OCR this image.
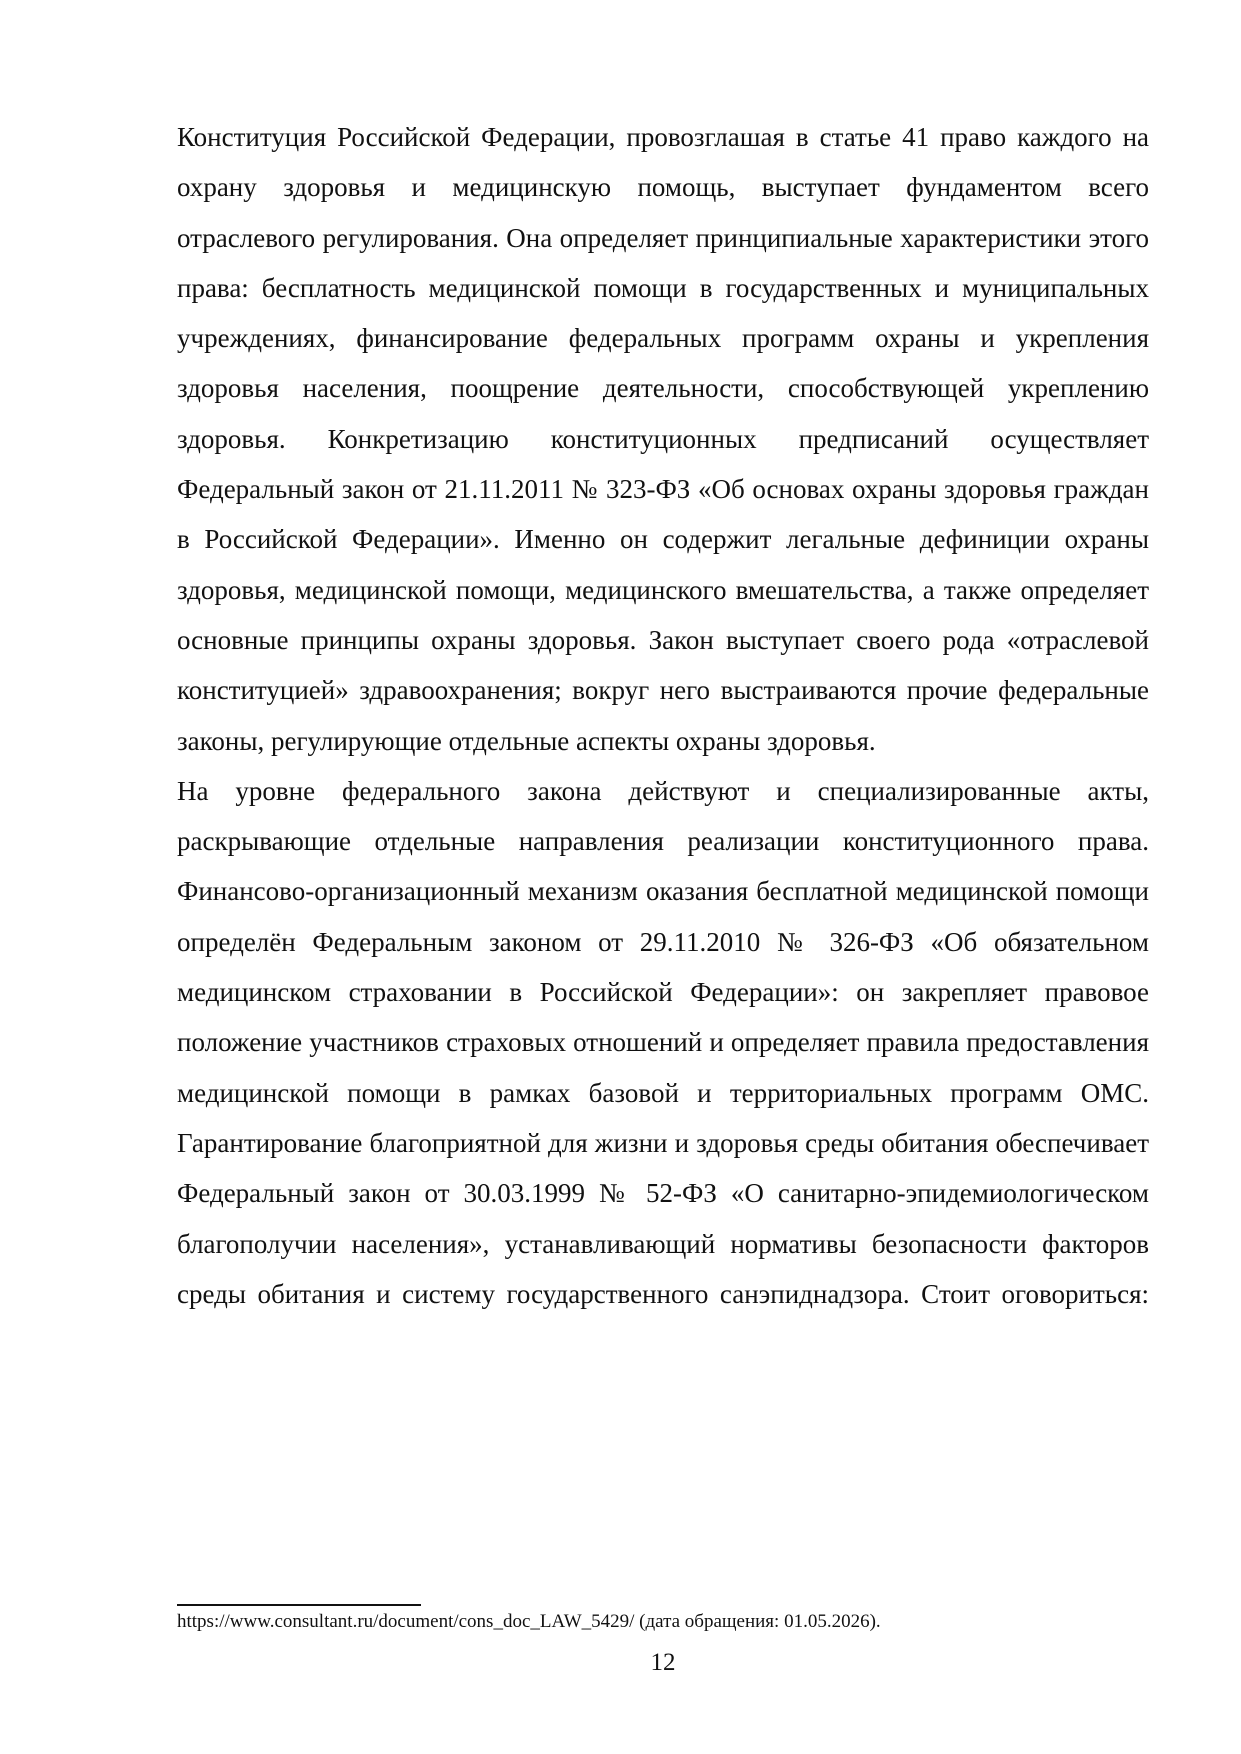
Конституция Российской Федерации, провозглашая в статье 41 право каждого на охрану здоровья и медицинскую помощь, выступает фундаментом всего отраслевого регулирования. Она определяет принципиальные характеристики этого права: бесплатность медицинской помощи в государственных и муниципальных учреждениях, финансирование федеральных программ охраны и укрепления здоровья населения, поощрение деятельности, способствующей укреплению здоровья. Конкретизацию конституционных предписаний осуществляет Федеральный закон от 21.11.2011 № 323-ФЗ «Об основах охраны здоровья граждан в Российской Федерации». Именно он содержит легальные дефиниции охраны здоровья, медицинской помощи, медицинского вмешательства, а также определяет основные принципы охраны здоровья. Закон выступает своего рода «отраслевой конституцией» здравоохранения; вокруг него выстраиваются прочие федеральные законы, регулирующие отдельные аспекты охраны здоровья.

На уровне федерального закона действуют и специализированные акты, раскрывающие отдельные направления реализации конституционного права. Финансово-организационный механизм оказания бесплатной медицинской помощи определён Федеральным законом от 29.11.2010 № 326-ФЗ «Об обязательном медицинском страховании в Российской Федерации»: он закрепляет правовое положение участников страховых отношений и определяет правила предоставления медицинской помощи в рамках базовой и территориальных программ ОМС. Гарантирование благоприятной для жизни и здоровья среды обитания обеспечивает Федеральный закон от 30.03.1999 № 52-ФЗ «О санитарно-эпидемиологическом благополучии населения», устанавливающий нормативы безопасности факторов среды обитания и систему государственного санэпиднадзора. Стоит оговориться:

https://www.consultant.ru/document/cons_doc_LAW_5429/ (дата обращения: 01.05.2026).
12
